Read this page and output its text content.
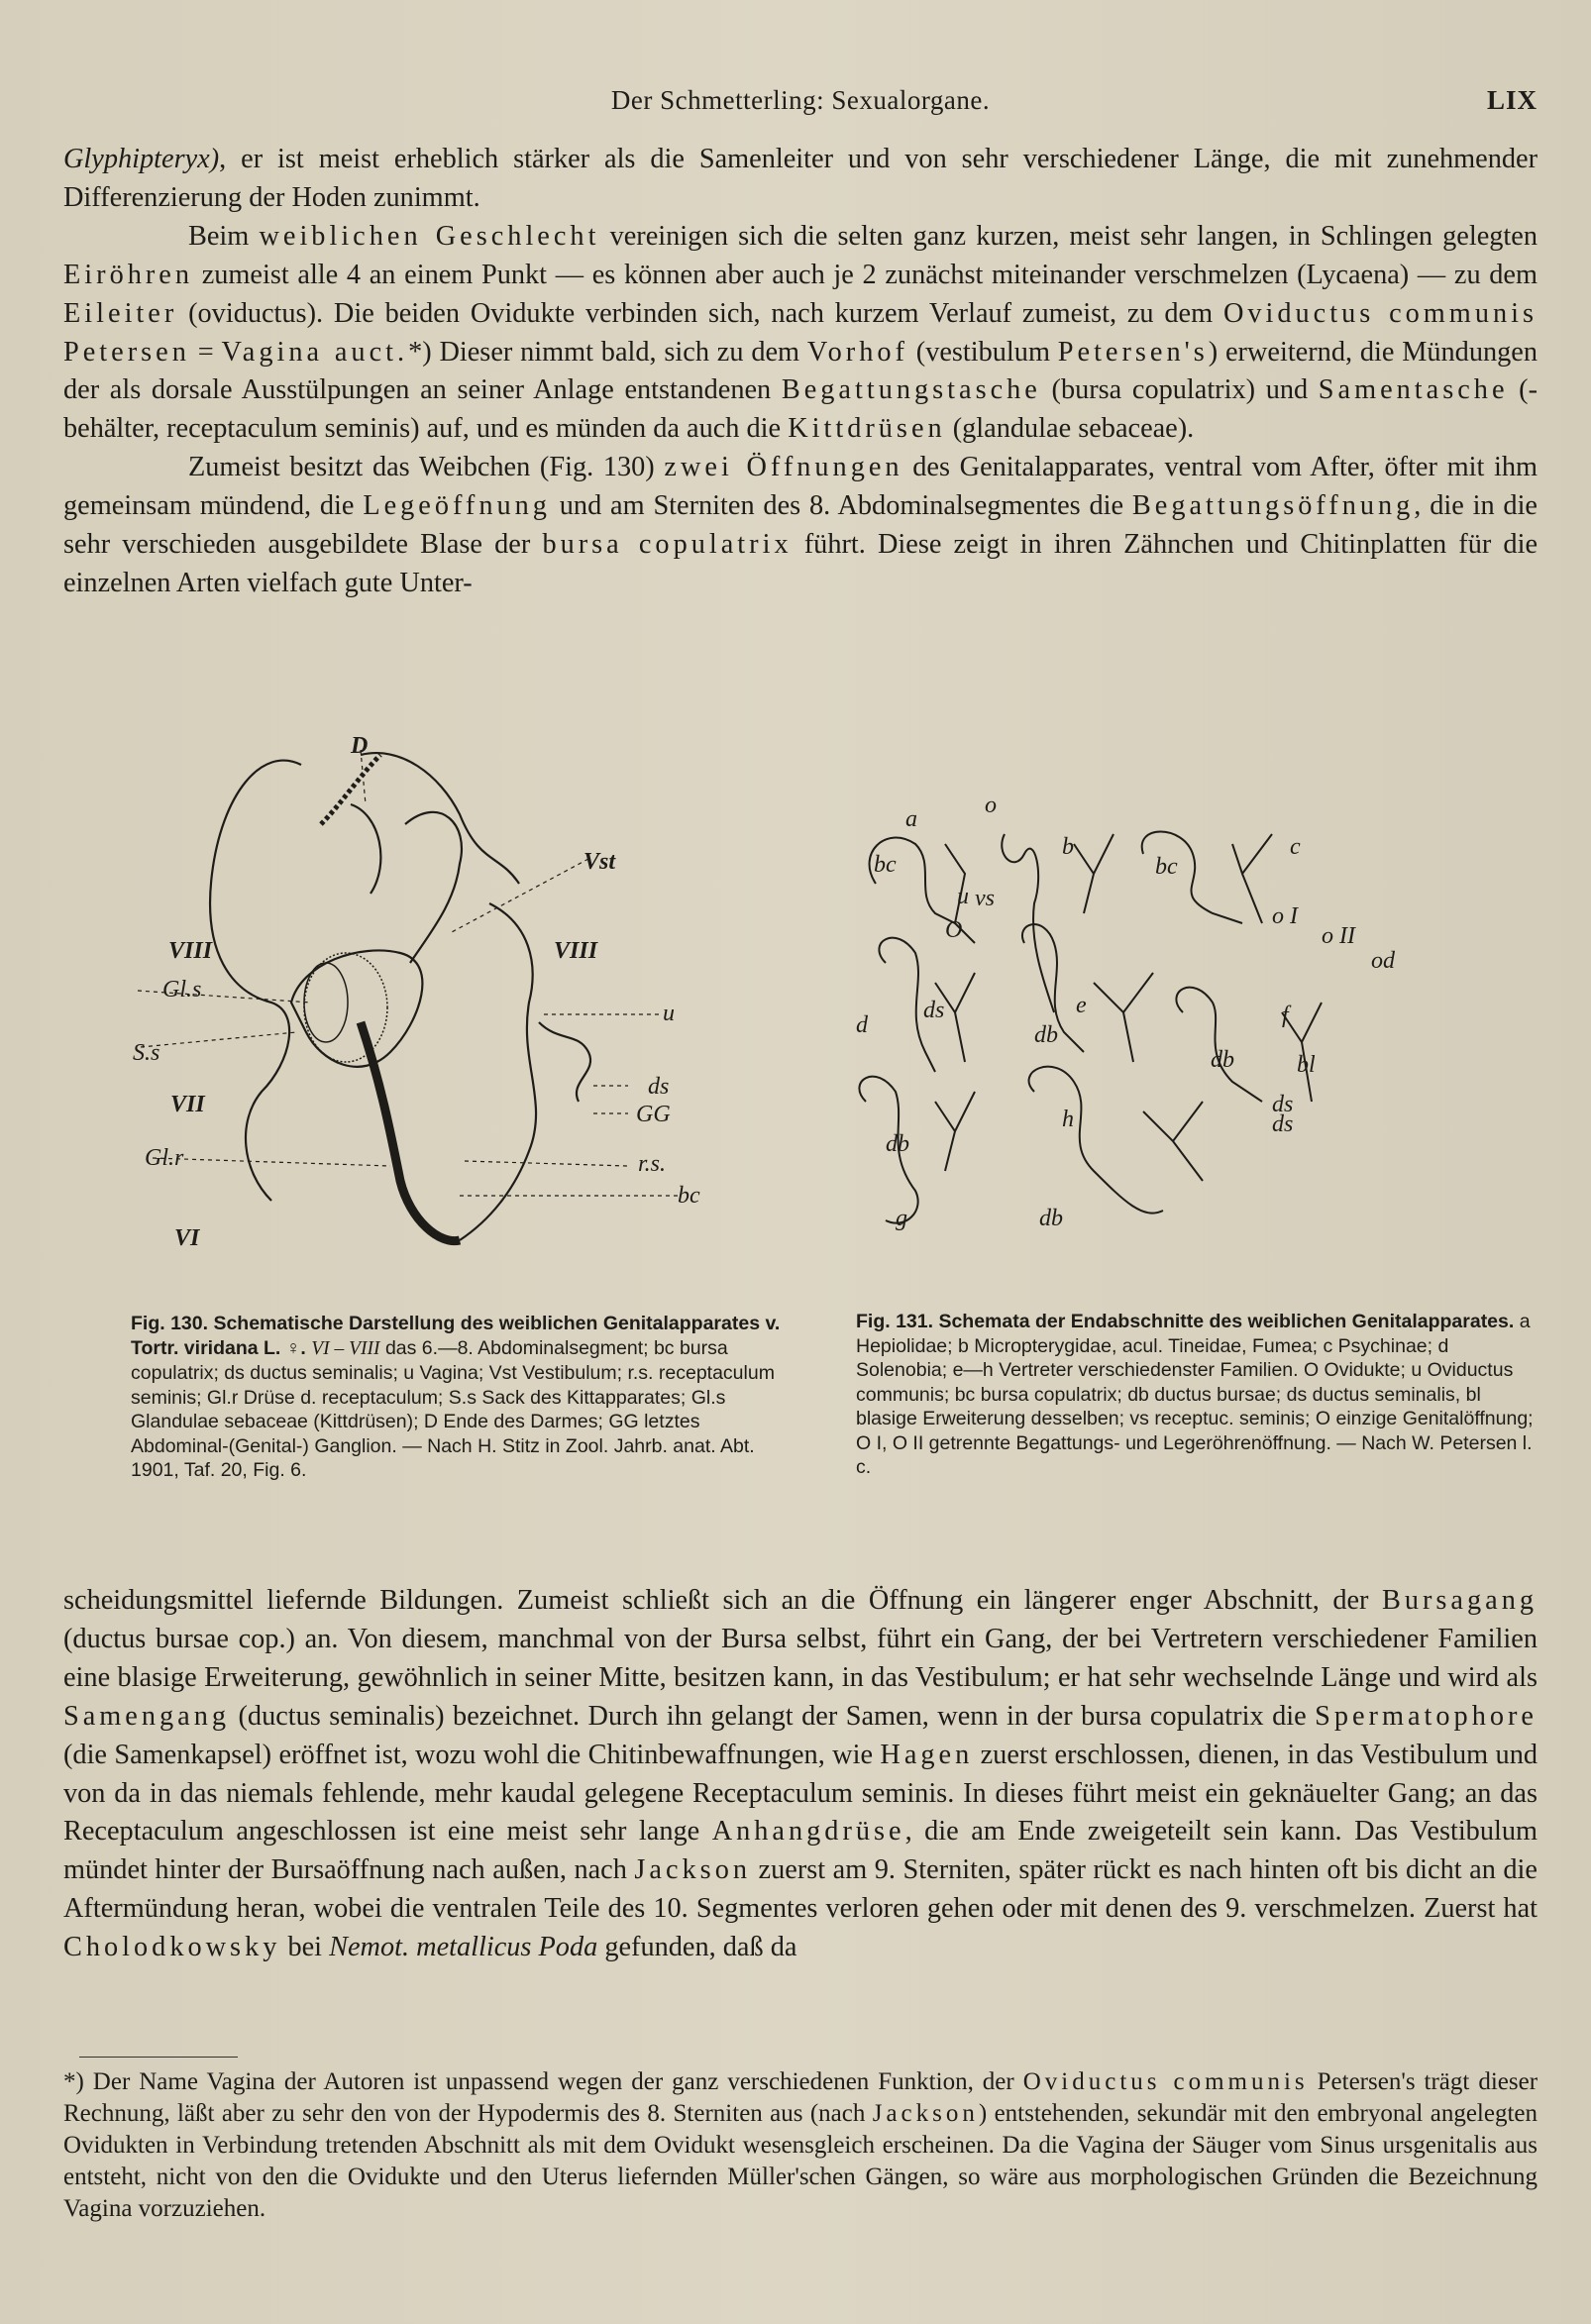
Der Schmetterling: Sexualorgane.	LIX

Glyphipteryx), er ist meist erheblich stärker als die Samenleiter und von sehr verschiedener Länge, die mit zunehmender Differenzierung der Hoden zunimmt.

Beim weiblichen Geschlecht vereinigen sich die selten ganz kurzen, meist sehr langen, in Schlingen gelegten Eiröhren zumeist alle 4 an einem Punkt — es können aber auch je 2 zunächst miteinander verschmelzen (Lycaena) — zu dem Eileiter (oviductus). Die beiden Ovidukte verbinden sich, nach kurzem Verlauf zumeist, zu dem Oviductus communis Petersen = Vagina auct.*) Dieser nimmt bald, sich zu dem Vorhof (vestibulum Petersen's) erweiternd, die Mündungen der als dorsale Ausstülpungen an seiner Anlage entstandenen Begattungstasche (bursa copulatrix) und Samentasche (-behälter, receptaculum seminis) auf, und es münden da auch die Kittdrüsen (glandulae sebaceae).

Zumeist besitzt das Weibchen (Fig. 130) zwei Öffnungen des Genitalapparates, ventral vom After, öfter mit ihm gemeinsam mündend, die Legeöffnung und am Sterniten des 8. Abdominalsegmentes die Begattungsöffnung, die in die sehr verschieden ausgebildete Blase der bursa copulatrix führt. Diese zeigt in ihren Zähnchen und Chitinplatten für die einzelnen Arten vielfach gute Unter-

D
Vst
VIII	VIII
Gl.s
S.s
u
VII
ds
GG
Gl.r	r.s.
bc
VI
Fig. 130. Schematische Darstellung des weiblichen Genitalapparates v. Tortr. viridana L. ♀. VI – VIII das 6.—8. Abdominalsegment; bc bursa copulatrix; ds ductus seminalis; u Vagina; Vst Vestibulum; r.s. receptaculum seminis; Gl.r Drüse d. receptaculum; S.s Sack des Kittapparates; Gl.s Glandulae sebaceae (Kittdrüsen); D Ende des Darmes; GG letztes Abdominal-(Genital-) Ganglion. — Nach H. Stitz in Zool. Jahrb. anat. Abt. 1901, Taf. 20, Fig. 6.
a
o
bc
u vs
O
b
bc
c
o I
o II
od
d
ds
db
e
db
f
bl
db
g
ds
ds
h
db
Fig. 131. Schemata der Endabschnitte des weiblichen Genitalapparates. a Hepiolidae; b Micropterygidae, acul. Tineidae, Fumea; c Psychinae; d Solenobia; e—h Vertreter verschiedenster Familien. O Ovidukte; u Oviductus communis; bc bursa copulatrix; db ductus bursae; ds ductus seminalis, bl blasige Erweiterung desselben; vs receptuc. seminis; O einzige Genitalöffnung; O I, O II getrennte Begattungs- und Legeröhrenöffnung. — Nach W. Petersen l. c.

scheidungsmittel liefernde Bildungen. Zumeist schließt sich an die Öffnung ein längerer enger Abschnitt, der Bursagang (ductus bursae cop.) an. Von diesem, manchmal von der Bursa selbst, führt ein Gang, der bei Vertretern verschiedener Familien eine blasige Erweiterung, gewöhnlich in seiner Mitte, besitzen kann, in das Vestibulum; er hat sehr wechselnde Länge und wird als Samengang (ductus seminalis) bezeichnet. Durch ihn gelangt der Samen, wenn in der bursa copulatrix die Spermatophore (die Samenkapsel) eröffnet ist, wozu wohl die Chitinbewaffnungen, wie Hagen zuerst erschlossen, dienen, in das Vestibulum und von da in das niemals fehlende, mehr kaudal gelegene Receptaculum seminis. In dieses führt meist ein geknäuelter Gang; an das Receptaculum angeschlossen ist eine meist sehr lange Anhangdrüse, die am Ende zweigeteilt sein kann. Das Vestibulum mündet hinter der Bursaöffnung nach außen, nach Jackson zuerst am 9. Sterniten, später rückt es nach hinten oft bis dicht an die Aftermündung heran, wobei die ventralen Teile des 10. Segmentes verloren gehen oder mit denen des 9. verschmelzen. Zuerst hat Cholodkowsky bei Nemot. metallicus Poda gefunden, daß da

*) Der Name Vagina der Autoren ist unpassend wegen der ganz verschiedenen Funktion, der Oviductus communis Petersen's trägt dieser Rechnung, läßt aber zu sehr den von der Hypodermis des 8. Sterniten aus (nach Jackson) entstehenden, sekundär mit den embryonal angelegten Ovidukten in Verbindung tretenden Abschnitt als mit dem Ovidukt wesensgleich erscheinen. Da die Vagina der Säuger vom Sinus ursgenitalis aus entsteht, nicht von den die Ovidukte und den Uterus liefernden Müller'schen Gängen, so wäre aus morphologischen Gründen die Bezeichnung Vagina vorzuziehen.
